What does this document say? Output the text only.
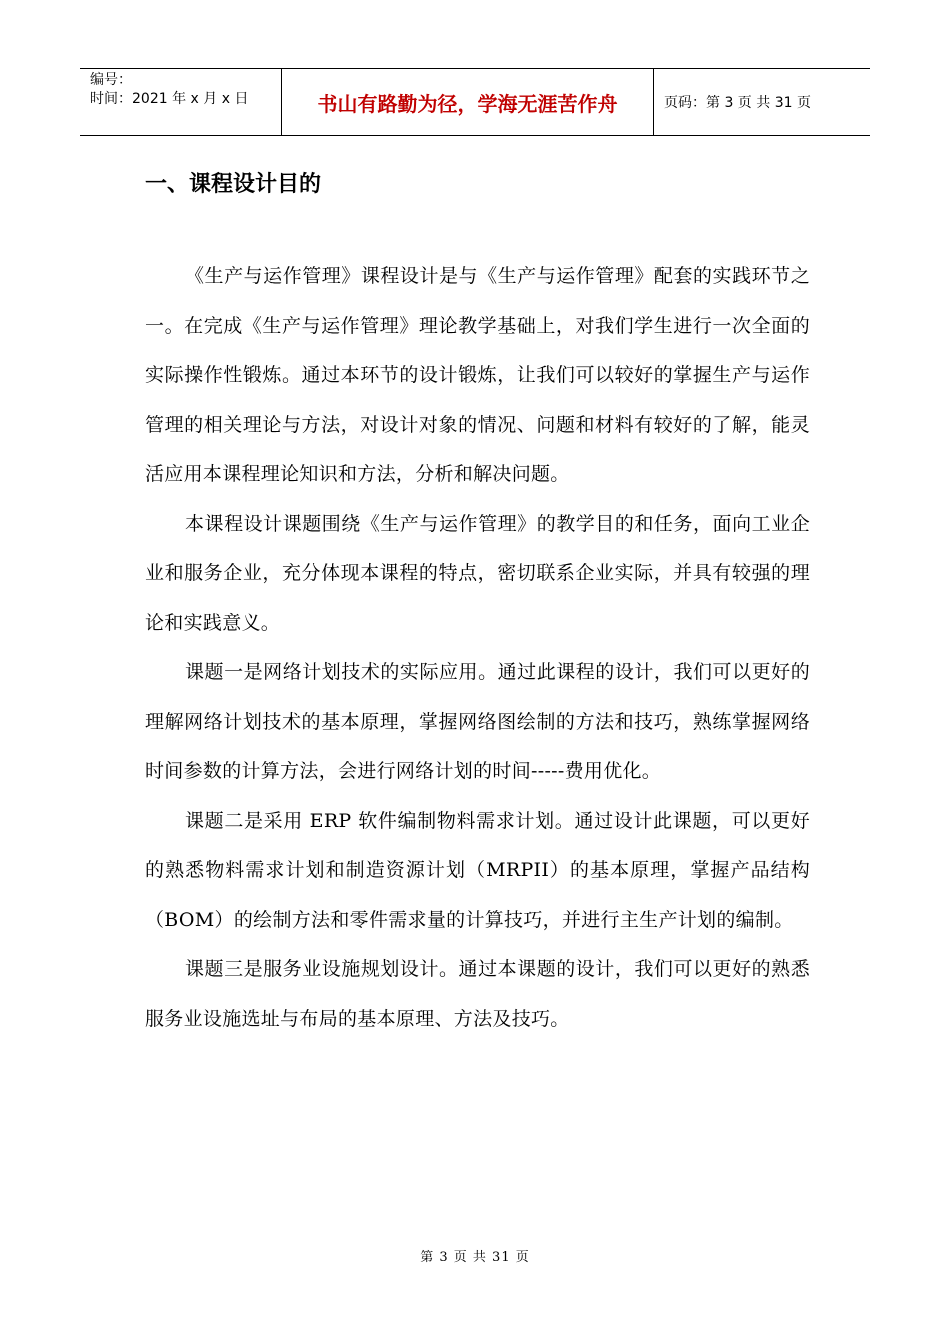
编号：
时间：2021 年 x 月 x 日	书山有路勤为径，学海无涯苦作舟	页码：第 3 页 共 31 页
一、课程设计目的

《生产与运作管理》课程设计是与《生产与运作管理》配套的实践环节之一。在完成《生产与运作管理》理论教学基础上，对我们学生进行一次全面的实际操作性锻炼。通过本环节的设计锻炼，让我们可以较好的掌握生产与运作管理的相关理论与方法，对设计对象的情况、问题和材料有较好的了解，能灵活应用本课程理论知识和方法，分析和解决问题。

本课程设计课题围绕《生产与运作管理》的教学目的和任务，面向工业企业和服务企业，充分体现本课程的特点，密切联系企业实际，并具有较强的理论和实践意义。

课题一是网络计划技术的实际应用。通过此课程的设计，我们可以更好的理解网络计划技术的基本原理，掌握网络图绘制的方法和技巧，熟练掌握网络时间参数的计算方法，会进行网络计划的时间-----费用优化。

课题二是采用 ERP 软件编制物料需求计划。通过设计此课题，可以更好的熟悉物料需求计划和制造资源计划（MRPII）的基本原理，掌握产品结构（BOM）的绘制方法和零件需求量的计算技巧，并进行主生产计划的编制。

课题三是服务业设施规划设计。通过本课题的设计，我们可以更好的熟悉服务业设施选址与布局的基本原理、方法及技巧。

第 3 页 共 31 页
